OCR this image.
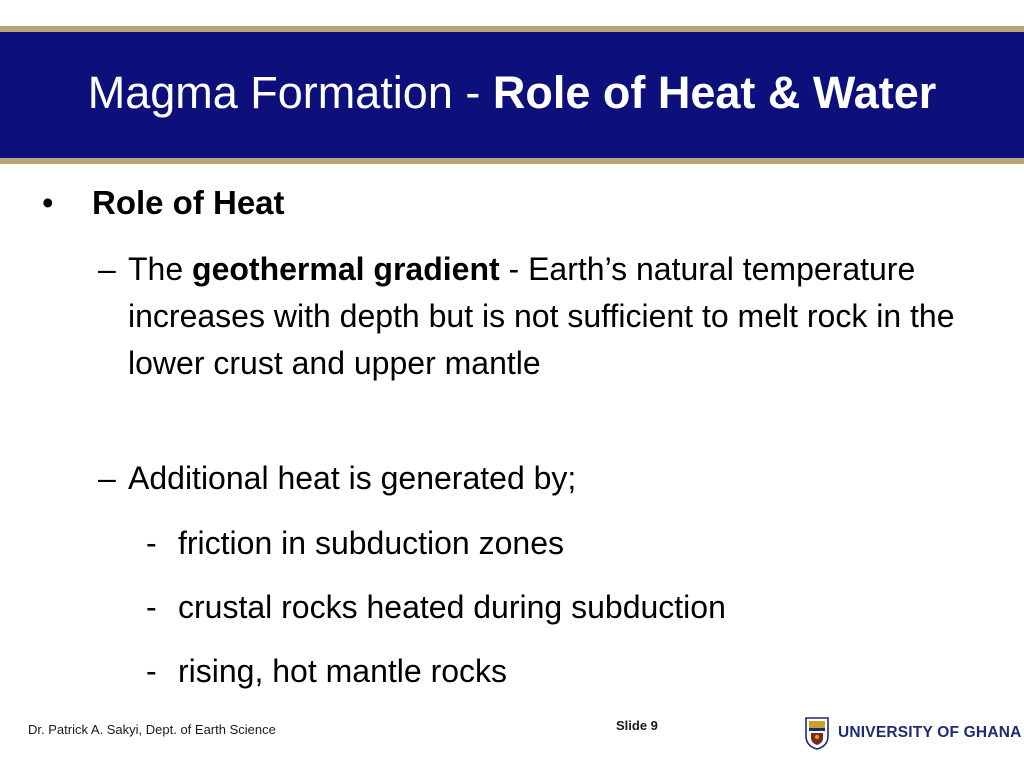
Magma Formation - Role of Heat & Water
• Role of Heat
– The geothermal gradient - Earth’s natural temperature increases with depth but is not sufficient to melt rock in the lower crust and upper mantle
– Additional heat is generated by;
- friction in subduction zones
- crustal rocks heated during subduction
- rising, hot mantle rocks
Dr. Patrick A. Sakyi, Dept. of Earth Science	Slide 9	UNIVERSITY OF GHANA
